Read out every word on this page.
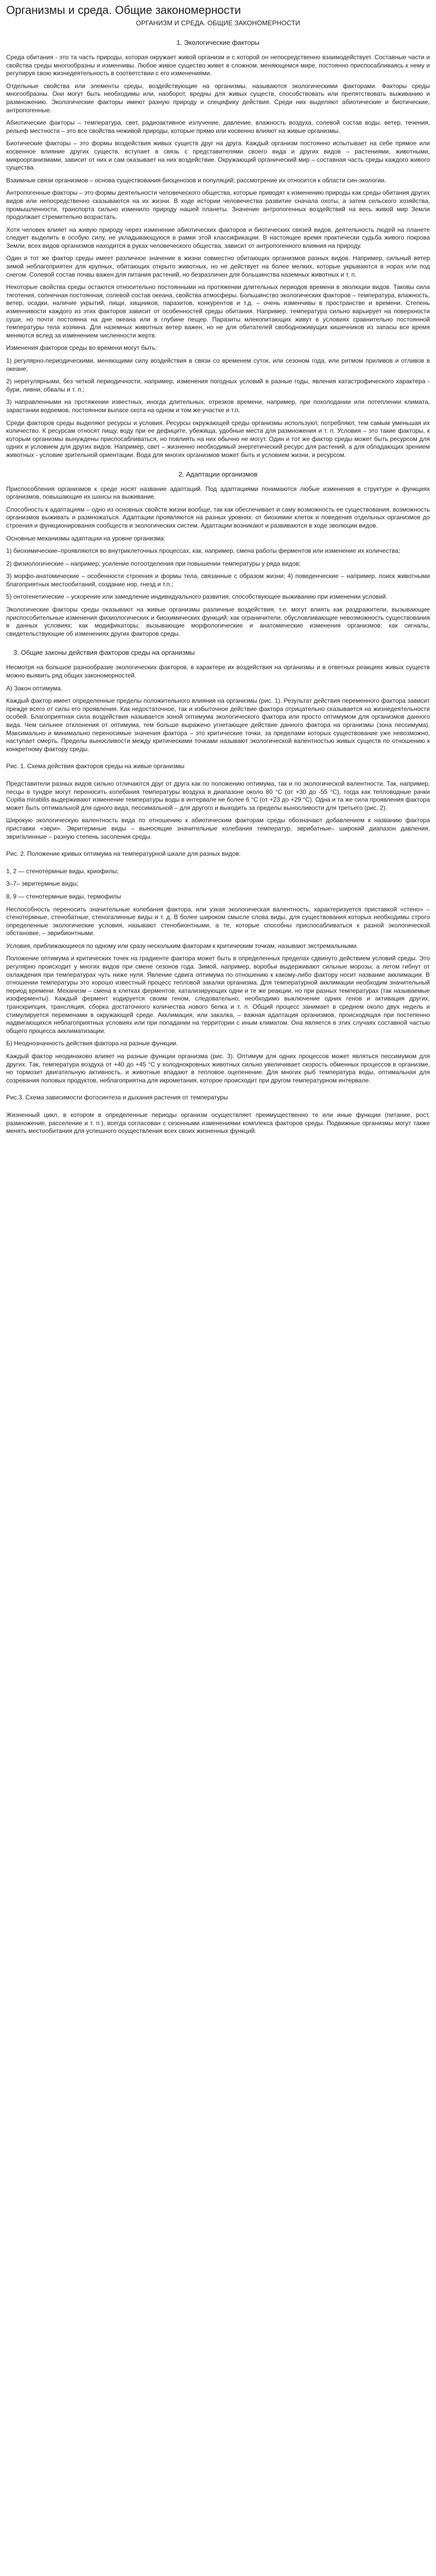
Организмы и среда. Общие закономерности
ОРГАНИЗМ И СРЕДА. ОБЩИЕ ЗАКОНОМЕРНОСТИ
1. Экологические факторы

Среда обитания - это та часть природы, которая окружает живой организм и с которой он непосредственно взаимодействует. Составные части и свойства среды многообразны и изменчивы. Любое живое существо живет в сложном, меняющемся мире, постоянно приспосабливаясь к нему и регулируя свою жизнедеятельность в соответствии с его изменениями.

Отдельные свойства или элементы среды, воздействующие на организмы, называются экологическими факторами. Факторы среды многообразны. Они могут быть необходимы или, наоборот, вредны для живых существ, способствовать или препятствовать выживанию и размножению. Экологические факторы имеют разную природу и специфику действия. Среди них выделяют абиотические и биотические, антропогенные.

Абиотические факторы – температура, свет, радиоактивное излучение, давление, влажность воздуха, солевой состав воды, ветер, течения, рельеф местности – это все свойства неживой природы, которые прямо или косвенно влияют на живые организмы.

Биотические факторы – это формы воздействия живых существ друг на друга. Каждый организм постоянно испытывает на себе прямое или косвенное влияние других существ, вступает в связь с представителями своего вида и других видов – растениями, животными, микроорганизмами, зависит от них и сам оказывает на них воздействие. Окружающий органический мир – составная часть среды каждого живого существа.

Взаимные связи организмов – основа существования биоценозов и популяций; рассмотрение их относится к области син-экологии.

Антропогенные факторы – это формы деятельности человеческого общества, которые приводят к изменению природы как среды обитания других видов или непосредственно сказываются на их жизни. В ходе истории человечества развитие сначала охоты, а затем сельского хозяйства, промышленности, транспорта сильно изменило природу нашей планеты. Значение антропогенных воздействий на весь живой мир Земли продолжает стремительно возрастать.

Хотя человек влияет на живую природу через изменение абиотических факторов и биотических связей видов, деятельность людей на планете следует выделить в особую силу, не укладывающуюся в рамки этой классификации. В настоящее время практически судьба живого покрова Земли, всех видов организмов находится в руках человеческого общества, зависит от антропогенного влияния на природу.

Один и тот же фактор среды имеет различное значение в жизни совместно обитающих организмов разных видов. Например, сильный ветер зимой неблагоприятен для крупных, обитающих открыто животных, но не действует на более мелких, которые укрываются в норах или под снегом. Солевой состав почвы важен для питания растений, но безразличен для большинства наземных животных и т. п.

Некоторые свойства среды остаются относительно постоянными на протяжении длительных периодов времени в эволюции видов. Таковы сила тяготения, солнечная постоянная, солевой состав океана, свойства атмосферы. Большинство экологических факторов – температура, влажность, ветер, осадки, наличие укрытий, пищи, хищников, паразитов, конкурентов и т.д. – очень изменчивы в пространстве и времени. Степень изменчивости каждого из этих факторов зависит от особенностей среды обитания. Например, температура сильно варьирует на поверхности суши, но почти постоянна на дне океана или в глубине пещер. Паразиты млекопитающих живут в условиях сравнительно постоянной температуры тела хозяина. Для наземных животных ветер важен, но не для обитателей свободноживущих кишечников из запасы все время меняются вслед за изменением численности жертв.

Изменения факторов среды во времени могут быть:

1) регулярно-периодическими, меняющими силу воздействия в связи со временем суток, или сезоном года, или ритмом приливов и отливов в океане;

2) нерегулярными, без четкой периодичности, например, изменения погодных условий в разные годы, явления катастрофического характера - бури, ливни, обвалы и т. п.;

3) направленными на протяжении известных, иногда длительных, отрезков времени, например, при похолодании или потеплении климата, зарастании водоемов, постоянном выпасе скота на одном и том же участке и т.п.

Среди факторов среды выделяют ресурсы и условия. Ресурсы окружающей среды организмы используют, потребляют, тем самым уменьшая их количество. К ресурсам относят пищу, воду при ее дефиците, убежища, удобные места для размножения и т. п. Условия – это такие факторы, к которым организмы вынуждены приспосабливаться, но повлиять на них обычно не могут. Один и тот же фактор среды может быть ресурсом для одних и условием для других видов. Например, свет – жизненно необходимый энергетический ресурс для растений, а для обладающих зрением животных - условие зрительной ориентации. Вода для многих организмов может быть и условием жизни, и ресурсом.

2. Адаптации организмов

Приспособления организмов к среде носят название адаптаций. Под адаптациями понимаются любые изменения в структуре и функциях организмов, повышающие их шансы на выживание.

Способность к адаптациям – одно из основных свойств жизни вообще, так как обеспечивает и саму возможность ее существования, возможность организмов выживать и размножаться. Адаптации проявляются на разных уровнях: от биохимии клеток и поведения отдельных организмов до строения и функционирования сообществ и экологических систем. Адаптации возникают и развиваются в ходе эволюции видов.

Основные механизмы адаптации на уровне организма:

1) биохимические–проявляются во внутриклеточных процессах, как, например, смена работы ферментов или изменение их количества;

2) физиологические – например, усиление потоотделения при повышении температуры у ряда видов;

3) морфо-анатомические – особенности строения и формы тела, связанные с образом жизни; 4) поведенческие – например, поиск животными благоприятных местообитаний, создание нор, гнезд и т.п.;

5) онтогенетические – ускорение или замедление индивидуального развития, способствующее выживанию при изменении условий.

Экологические факторы среды оказывают на живые организмы различные воздействия, т.е. могут влиять как раздражители, вызывающие приспособительные изменения физиологических и биохимических функций; как ограничители, обусловливающие невозможность существования в данных условиях; как модификаторы, вызывающие морфологические и анатомические изменения организмов; как сигналы, свидетельствующие об изменениях других факторов среды.

3. Общие законы действия факторов среды на организмы

Несмотря на большое разнообразие экологических факторов, в характере их воздействия на организмы и в ответных реакциях живых существ можно выявить ряд общих закономерностей.

А) Закон оптимума.

Каждый фактор имеет определенные пределы положительного влияния на организмы (рис. 1). Результат действия переменного фактора зависит прежде всего от силы его проявления. Как недостаточное, так и избыточное действие фактора отрицательно сказывается на жизнедеятельности особей. Благоприятная сила воздействия называется зоной оптимума экологического фактора или просто оптимумом для организмов данного вида. Чем сильнее отклонения от оптимума, тем больше выражено угнетающее действие данного фактора на организмы (зона пессимума). Максимально и минимально переносимые значения фактора – это критические точки, за пределами которых существование уже невозможно, наступает смерть. Пределы выносливости между критическими точками называют экологической валентностью живых существ по отношению к конкретному фактору среды.

Рис. 1. Схема действия факторов среды на живые организмы

Представители разных видов сильно отличаются друг от друга как по положению оптимума, так и по экологической валентности. Так, например, песцы в тундре могут переносить колебания температуры воздуха в диапазоне около 80 °С (от +30 до -55 °С), тогда как тепловодные рачки Copilia mirabilis выдерживают изменение температуры воды в интервале не более 6 °С (от +23 до +29 °С). Одна и та же сила проявления фактора может быть оптимальной для одного вида, пессимальной – для другого и выходить за пределы выносливости для третьего (рис. 2).

Широкую экологическую валентность вида по отношению к абиотическим факторам среды обозначают добавлением к названию фактора приставки «эври». Эвритермные виды – выносящие значительные колебания температур, эврибатные– широкий диапазон давления, эвригалинные – разную степень засоления среды.

Рис. 2. Положение кривых оптимума на температурной шкале для разных видов:

1, 2 — стенотермные виды, криофилы;

3–7– эвритермные виды;

8, 9 — стенотермные виды, термофилы

Неспособность переносить значительные колебания фактора, или узкая экологическая валентность, характеризуется приставкой «стено» – стенотермные, стенобатные, стеногалинные виды и т. д. В более широком смысле слова виды, для существования которых необходимы строго определенные экологические условия, называют стенобионтными, а те, которые способны приспосабливаться к разной экологической обстановке, – эврибионтными.

Условия, приближающиеся по одному или сразу нескольким факторам к критическим точкам, называют экстремальными.

Положение оптимума и критических точек на градиенте фактора может быть в определенных пределах сдвинуто действием условий среды. Это регулярно происходит у многих видов при смене сезонов года. Зимой, например, воробьи выдерживают сильные морозы, а летом гибнут от охлаждения при температурах чуть ниже нуля. Явление сдвига оптимума по отношению к какому-либо фактору носит название акклимации. В отношении температуры это хорошо известный процесс тепловой закалки организма. Для температурной акклимации необходим значительный период времени. Механизм – смена в клетках ферментов, катализирующих одни и те же реакции, но при разных температурах (так называемые изоферменты). Каждый фермент кодируется своим геном, следовательно, необходимо выключение одних генов и активация других, транскрипция, трансляция, сборка достаточного количества нового белка и т. п. Общий процесс занимает в среднем около двух недель и стимулируется переменами в окружающей среде. Акклимация, или закалка, – важная адаптация организмов, происходящая при постепенно надвигающихся неблагоприятных условиях или при попадании на территории с иным климатом. Она является в этих случаях составной частью общего процесса акклиматизации.

Б) Неоднозначность действия фактора на разные функции.

Каждый фактор неодинаково влияет на разные функции организма (рис. 3). Оптимум для одних процессов может являться пессимумом для других. Так, температура воздуха от +40 до +45 °С у холоднокровных животных сильно увеличивает скорость обменных процессов в организме, но тормозит двигательную активность, и животные впадают в тепловое оцепенение. Для многих рыб температура воды, оптимальная для созревания половых продуктов, неблагоприятна для икрометания, которое происходит при другом температурном интервале.

Рис.3. Схема зависимости фотосинтеза и дыхания растения от температуры

Жизненный цикл, в котором в определенные периоды организм осуществляет преимущественно те или иные функции (питание, рост, размножение, расселение и т. п.), всегда согласован с сезонными изменениями комплекса факторов среды. Подвижные организмы могут также менять местообитания для успешного осуществления всех своих жизненных функций.
